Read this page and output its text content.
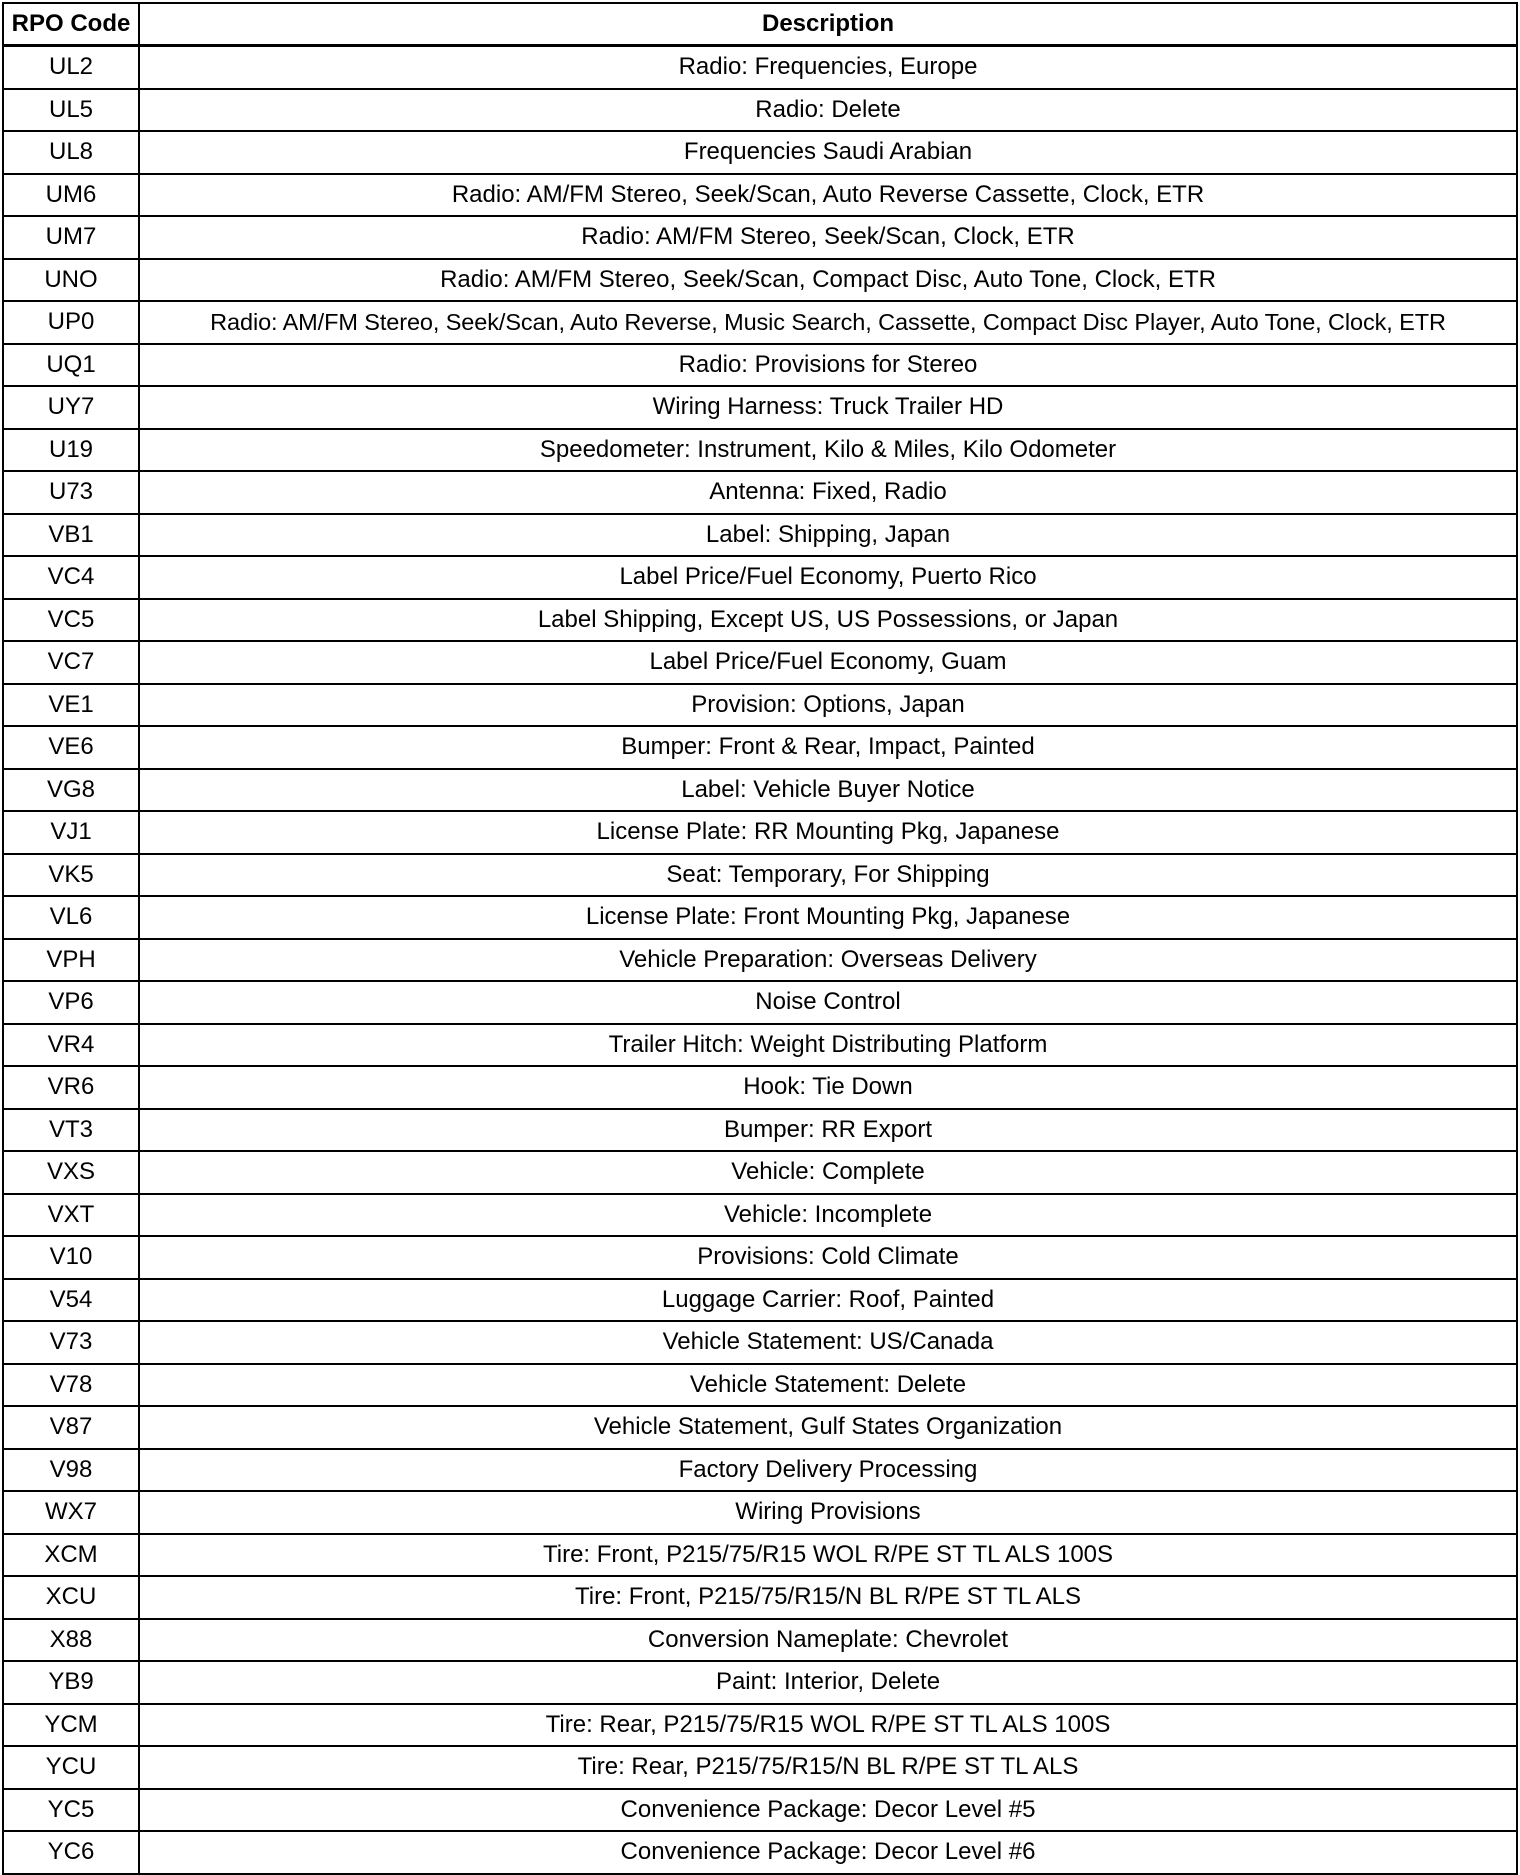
RPO Code	Description
UL2	Radio: Frequencies, Europe
UL5	Radio: Delete
UL8	Frequencies Saudi Arabian
UM6	Radio: AM/FM Stereo, Seek/Scan, Auto Reverse Cassette, Clock, ETR
UM7	Radio: AM/FM Stereo, Seek/Scan, Clock, ETR
UNO	Radio: AM/FM Stereo, Seek/Scan, Compact Disc, Auto Tone, Clock, ETR
UP0	Radio: AM/FM Stereo, Seek/Scan, Auto Reverse, Music Search, Cassette, Compact Disc Player, Auto Tone, Clock, ETR
UQ1	Radio: Provisions for Stereo
UY7	Wiring Harness: Truck Trailer HD
U19	Speedometer: Instrument, Kilo & Miles, Kilo Odometer
U73	Antenna: Fixed, Radio
VB1	Label: Shipping, Japan
VC4	Label Price/Fuel Economy, Puerto Rico
VC5	Label Shipping, Except US, US Possessions, or Japan
VC7	Label Price/Fuel Economy, Guam
VE1	Provision: Options, Japan
VE6	Bumper: Front & Rear, Impact, Painted
VG8	Label: Vehicle Buyer Notice
VJ1	License Plate: RR Mounting Pkg, Japanese
VK5	Seat: Temporary, For Shipping
VL6	License Plate: Front Mounting Pkg, Japanese
VPH	Vehicle Preparation: Overseas Delivery
VP6	Noise Control
VR4	Trailer Hitch: Weight Distributing Platform
VR6	Hook: Tie Down
VT3	Bumper: RR Export
VXS	Vehicle: Complete
VXT	Vehicle: Incomplete
V10	Provisions: Cold Climate
V54	Luggage Carrier: Roof, Painted
V73	Vehicle Statement: US/Canada
V78	Vehicle Statement: Delete
V87	Vehicle Statement, Gulf States Organization
V98	Factory Delivery Processing
WX7	Wiring Provisions
XCM	Tire: Front, P215/75/R15 WOL R/PE ST TL ALS 100S
XCU	Tire: Front, P215/75/R15/N BL R/PE ST TL ALS
X88	Conversion Nameplate: Chevrolet
YB9	Paint: Interior, Delete
YCM	Tire: Rear, P215/75/R15 WOL R/PE ST TL ALS 100S
YCU	Tire: Rear, P215/75/R15/N BL R/PE ST TL ALS
YC5	Convenience Package: Decor Level #5
YC6	Convenience Package: Decor Level #6
